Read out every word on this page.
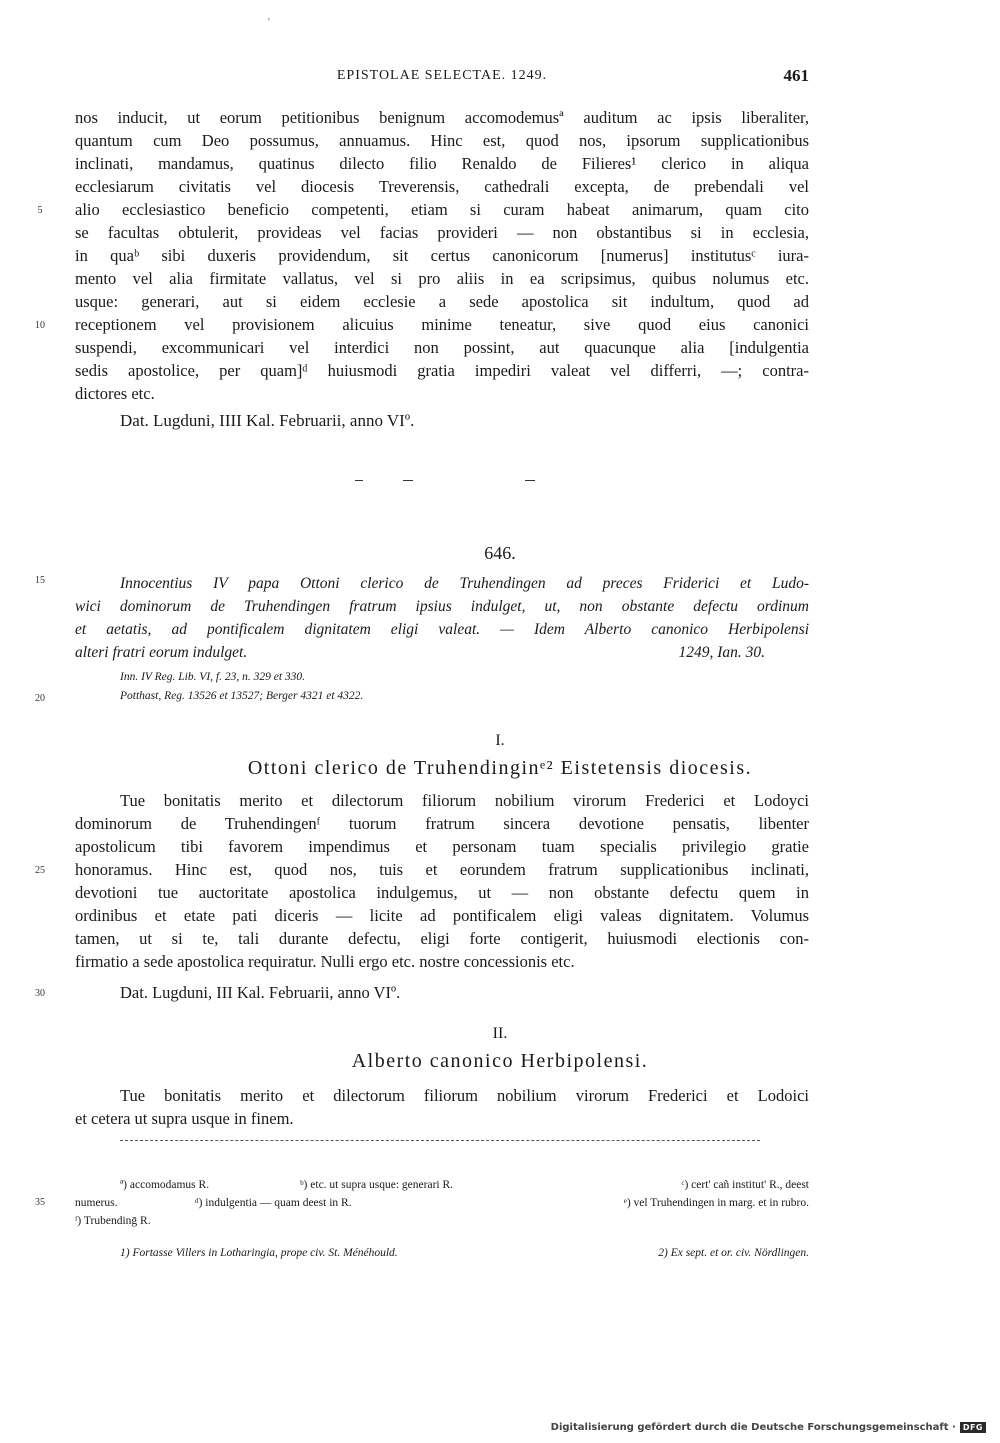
'
EPISTOLAE SELECTAE. 1249.	461
nos inducit, ut eorum petitionibus benignum accomodemusª auditum ac ipsis liberaliter,
quantum cum Deo possumus, annuamus. Hinc est, quod nos, ipsorum supplicationibus
inclinati, mandamus, quatinus dilecto filio Renaldo de Filieres¹ clerico in aliqua
ecclesiarum civitatis vel diocesis Treverensis, cathedrali excepta, de prebendali vel
alio ecclesiastico beneficio competenti, etiam si curam habeat animarum, quam cito
se facultas obtulerit, provideas vel facias provideri — non obstantibus si in ecclesia,
in quaᵇ sibi duxeris providendum, sit certus canonicorum [numerus] institutusᶜ iura-
mento vel alia firmitate vallatus, vel si pro aliis in ea scripsimus, quibus nolumus etc.
usque: generari, aut si eidem ecclesie a sede apostolica sit indultum, quod ad
receptionem vel provisionem alicuius minime teneatur, sive quod eius canonici
suspendi, excommunicari vel interdici non possint, aut quacunque alia [indulgentia
sedis apostolice, per quam]ᵈ huiusmodi gratia impediri valeat vel differri, —; contra-
dictores etc.
Dat. Lugduni, IIII Kal. Februarii, anno VIº.
5
10
15
20
25
30
35
646.
Innocentius IV papa Ottoni clerico de Truhendingen ad preces Friderici et Ludo-
wici dominorum de Truhendingen fratrum ipsius indulget, ut, non obstante defectu ordinum
et aetatis, ad pontificalem dignitatem eligi valeat. — Idem Alberto canonico Herbipolensi
alteri fratri eorum indulget.	1249, Ian. 30.
Inn. IV Reg. Lib. VI, f. 23, n. 329 et 330.
Potthast, Reg. 13526 et 13527; Berger 4321 et 4322.
I.
Ottoni clerico de Truhendinginᵉ² Eistetensis diocesis.
Tue bonitatis merito et dilectorum filiorum nobilium virorum Frederici et Lodoyci
dominorum de Truhendingenᶠ tuorum fratrum sincera devotione pensatis, libenter
apostolicum tibi favorem impendimus et personam tuam specialis privilegio gratie
honoramus. Hinc est, quod nos, tuis et eorundem fratrum supplicationibus inclinati,
devotioni tue auctoritate apostolica indulgemus, ut — non obstante defectu quem in
ordinibus et etate pati diceris — licite ad pontificalem eligi valeas dignitatem. Volumus
tamen, ut si te, tali durante defectu, eligi forte contigerit, huiusmodi electionis con-
firmatio a sede apostolica requiratur. Nulli ergo etc. nostre concessionis etc.
Dat. Lugduni, III Kal. Februarii, anno VIº.
II.
Alberto canonico Herbipolensi.
Tue bonitatis merito et dilectorum filiorum nobilium virorum Frederici et Lodoici
et cetera ut supra usque in finem.
ª) accomodamus R.	ᵇ) etc. ut supra usque: generari R.	ᶜ) cert' cañ institut' R., deest
numerus.	ᵈ) indulgentia — quam deest in R.	ᵉ) vel Truhendingen in marg. et in rubro.
ᶠ) Trubendinḡ R.
1) Fortasse Villers in Lotharingia, prope civ. St. Ménéhould.	2) Ex sept. et or. civ. Nördlingen.
Digitalisierung gefördert durch die Deutsche Forschungsgemeinschaft · DFG
